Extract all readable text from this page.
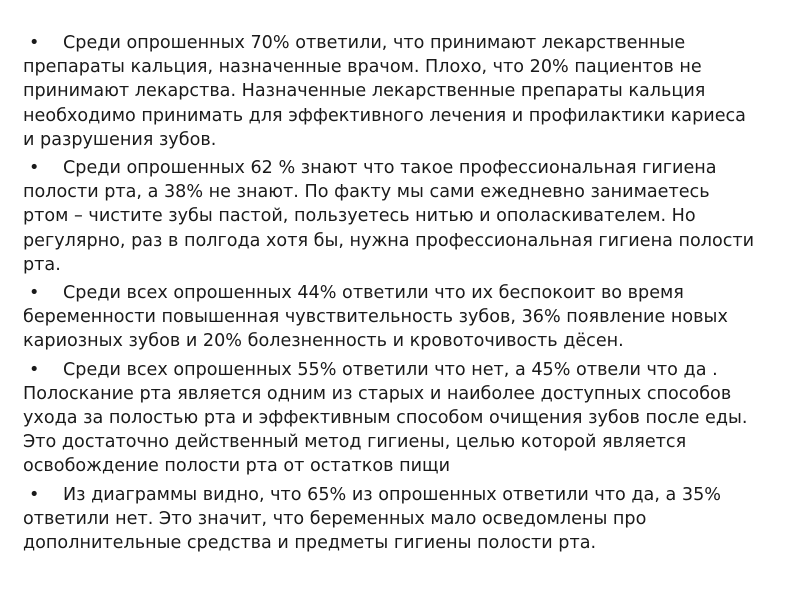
• Среди опрошенных 70% ответили, что принимают лекарственные препараты кальция, назначенные врачом. Плохо, что 20% пациентов не принимают лекарства. Назначенные лекарственные препараты кальция необходимо принимать для эффективного лечения и профилактики кариеса и разрушения зубов.

• Среди опрошенных 62 % знают что такое профессиональная гигиена полости рта, а 38% не знают. По факту мы сами ежедневно занимаетесь ртом – чистите зубы пастой, пользуетесь нитью и ополаскивателем. Но регулярно, раз в полгода хотя бы, нужна профессиональная гигиена полости рта.

• Среди всех опрошенных 44% ответили что их беспокоит во время беременности повышенная чувствительность зубов, 36% появление новых кариозных зубов и 20% болезненность и кровоточивость дёсен.

• Среди всех опрошенных 55% ответили что нет, а 45% отвели что да . Полоскание рта является одним из старых и наиболее доступных способов ухода за полостью рта и эффективным способом очищения зубов после еды. Это достаточно действенный метод гигиены, целью которой является освобождение полости рта от остатков пищи

• Из диаграммы видно, что 65% из опрошенных ответили что да, а 35% ответили нет. Это значит, что беременных мало осведомлены про дополнительные средства и предметы гигиены полости рта.
